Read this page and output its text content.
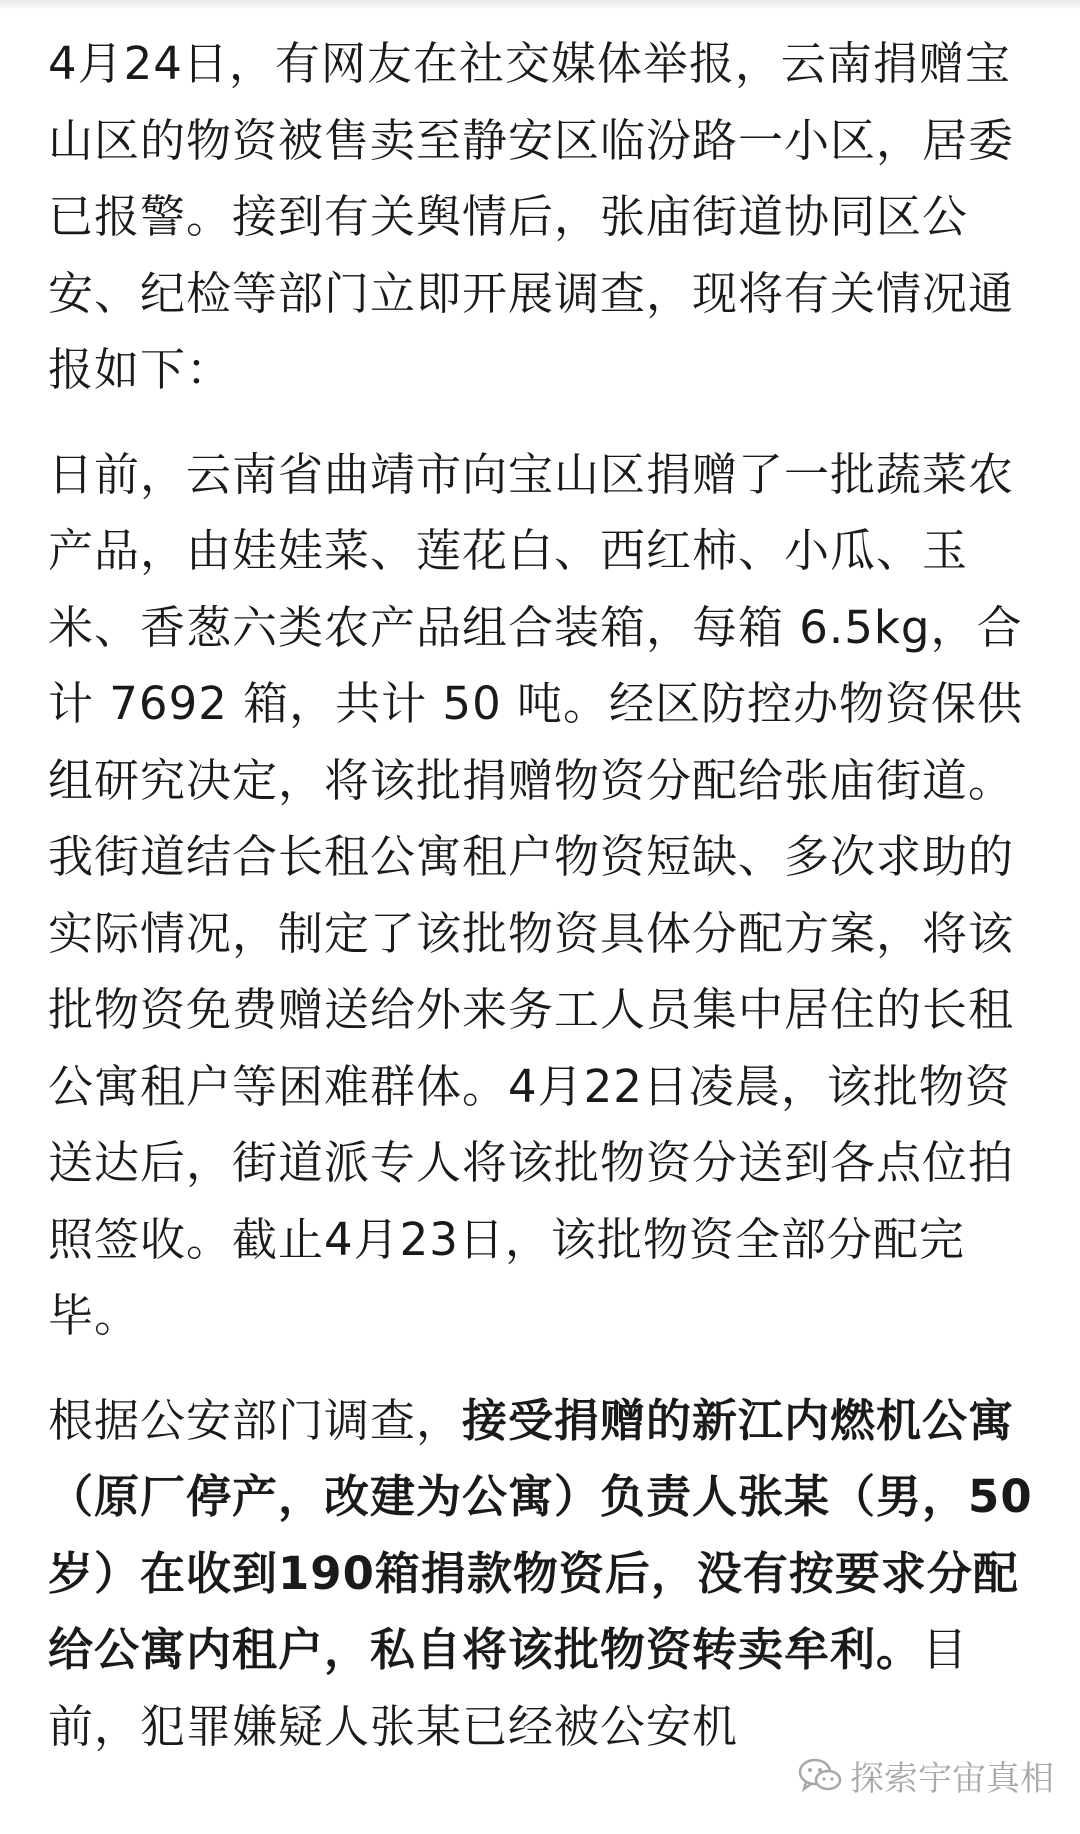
4月24日，有网友在社交媒体举报，云南捐赠宝山区的物资被售卖至静安区临汾路一小区，居委已报警。接到有关舆情后，张庙街道协同区公安、纪检等部门立即开展调查，现将有关情况通报如下：

日前，云南省曲靖市向宝山区捐赠了一批蔬菜农产品，由娃娃菜、莲花白、西红柿、小瓜、玉米、香葱六类农产品组合装箱，每箱 6.5kg，合计 7692 箱，共计 50 吨。经区防控办物资保供组研究决定，将该批捐赠物资分配给张庙街道。我街道结合长租公寓租户物资短缺、多次求助的实际情况，制定了该批物资具体分配方案，将该批物资免费赠送给外来务工人员集中居住的长租公寓租户等困难群体。4月22日凌晨，该批物资送达后，街道派专人将该批物资分送到各点位拍照签收。截止4月23日，该批物资全部分配完毕。

根据公安部门调查，接受捐赠的新江内燃机公寓（原厂停产，改建为公寓）负责人张某（男，50岁）在收到190箱捐款物资后，没有按要求分配给公寓内租户，私自将该批物资转卖牟利。目前，犯罪嫌疑人张某已经被公安机

探索宇宙真相
